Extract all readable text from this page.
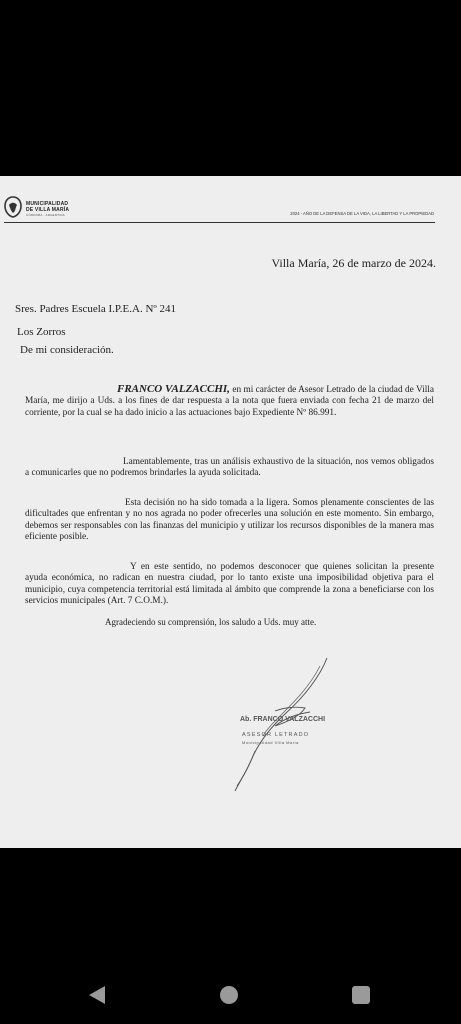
MUNICIPALIDAD
DE VILLA MARÍA
CÓRDOBA · ARGENTINA	2024 - AÑO DE LA DEFENSA DE LA VIDA, LA LIBERTAD Y LA PROPIEDAD
Villa María, 26 de marzo de 2024.
Sres. Padres Escuela I.P.E.A. Nº 241
Los Zorros
De mi consideración.
FRANCO VALZACCHI, en mi carácter de Asesor Letrado de la ciudad de Villa María, me dirijo a Uds. a los fines de dar respuesta a la nota que fuera enviada con fecha 21 de marzo del corriente, por la cual se ha dado inicio a las actuaciones bajo Expediente Nº 86.991.
Lamentablemente, tras un análisis exhaustivo de la situación, nos vemos obligados a comunicarles que no podremos brindarles la ayuda solicitada.
Esta decisión no ha sido tomada a la ligera. Somos plenamente conscientes de las dificultades que enfrentan y no nos agrada no poder ofrecerles una solución en este momento. Sin embargo, debemos ser responsables con las finanzas del municipio y utilizar los recursos disponibles de la manera mas eficiente posible.
Y en este sentido, no podemos desconocer que quienes solicitan la presente ayuda económica, no radican en nuestra ciudad, por lo tanto existe una imposibilidad objetiva para el municipio, cuya competencia territorial está limitada al ámbito que comprende la zona a beneficiarse con los servicios municipales (Art. 7 C.O.M.).
Agradeciendo su comprensión, los saludo a Uds. muy atte.
Ab. FRANCO VALZACCHI
ASESOR LETRADO
Municipalidad Villa María
